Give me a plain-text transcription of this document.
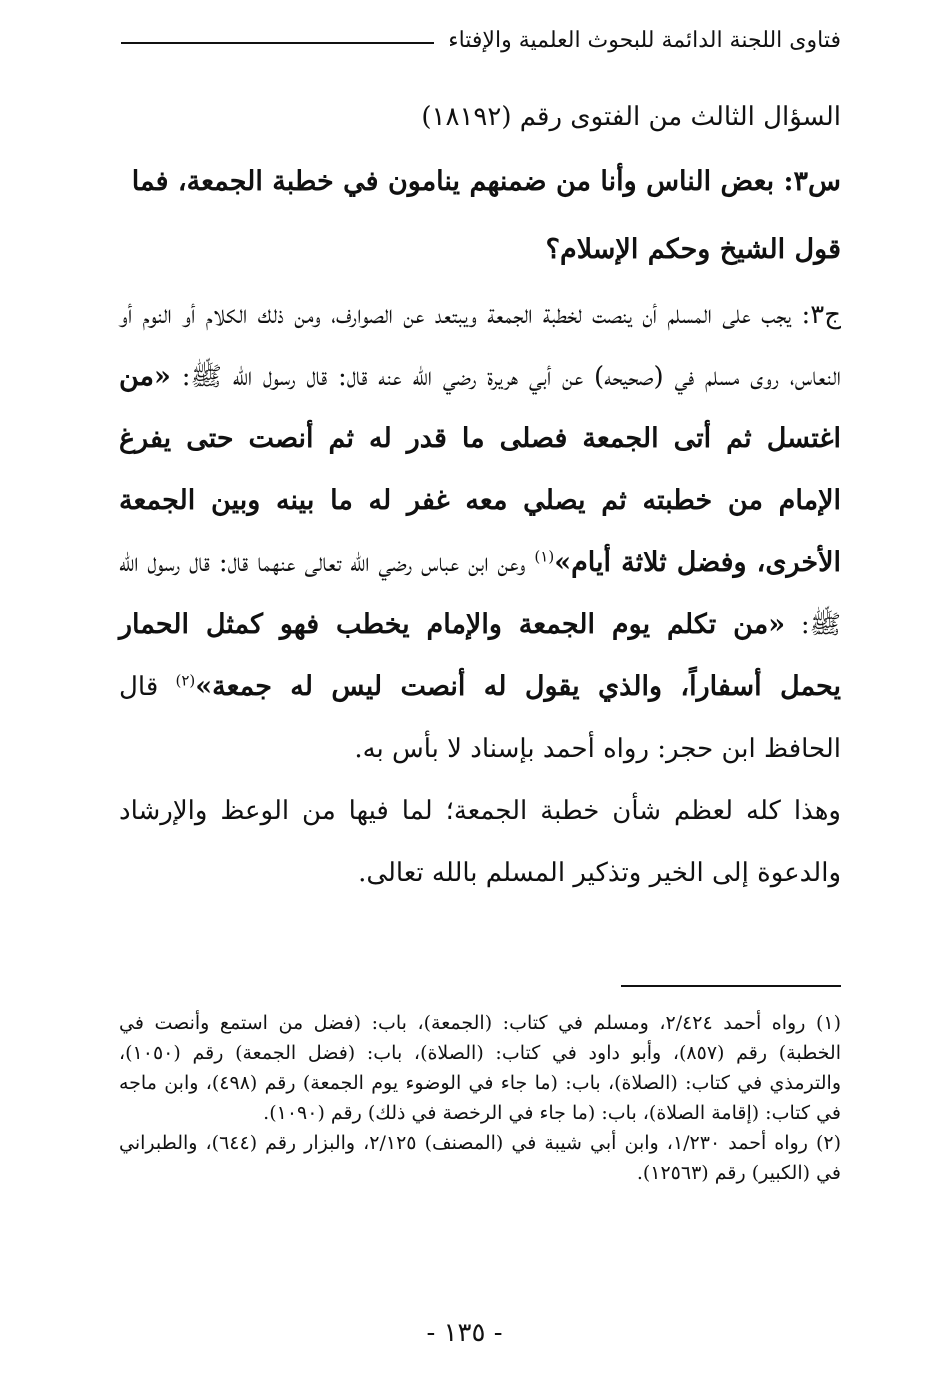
فتاوى اللجنة الدائمة للبحوث العلمية والإفتاء

السؤال الثالث من الفتوى رقم (١٨١٩٢)

س٣: بعض الناس وأنا من ضمنهم ينامون في خطبة الجمعة، فما قول الشيخ وحكم الإسلام؟

ج٣: يجب على المسلم أن ينصت لخطبة الجمعة ويبتعد عن الصوارف، ومن ذلك الكلام أو النوم أو النعاس، روى مسلم في (صحيحه) عن أبي هريرة رضي الله عنه قال: قال رسول الله ﷺ: «من اغتسل ثم أتى الجمعة فصلى ما قدر له ثم أنصت حتى يفرغ الإمام من خطبته ثم يصلي معه غفر له ما بينه وبين الجمعة الأخرى، وفضل ثلاثة أيام»$^{(١)}$ وعن ابن عباس رضي الله تعالى عنهما قال: قال رسول الله ﷺ: «من تكلم يوم الجمعة والإمام يخطب فهو كمثل الحمار يحمل أسفاراً، والذي يقول له أنصت ليس له جمعة»$^{(٢)}$ قال الحافظ ابن حجر: رواه أحمد بإسناد لا بأس به.

وهذا كله لعظم شأن خطبة الجمعة؛ لما فيها من الوعظ والإرشاد والدعوة إلى الخير وتذكير المسلم بالله تعالى.

(١) رواه أحمد ٢/٤٢٤، ومسلم في كتاب: (الجمعة)، باب: (فضل من استمع وأنصت في الخطبة) رقم (٨٥٧)، وأبو داود في كتاب: (الصلاة)، باب: (فضل الجمعة) رقم (١٠٥٠)، والترمذي في كتاب: (الصلاة)، باب: (ما جاء في الوضوء يوم الجمعة) رقم (٤٩٨)، وابن ماجه في كتاب: (إقامة الصلاة)، باب: (ما جاء في الرخصة في ذلك) رقم (١٠٩٠).

(٢) رواه أحمد ١/٢٣٠، وابن أبي شيبة في (المصنف) ٢/١٢٥، والبزار رقم (٦٤٤)، والطبراني في (الكبير) رقم (١٢٥٦٣).

- ١٣٥ -
